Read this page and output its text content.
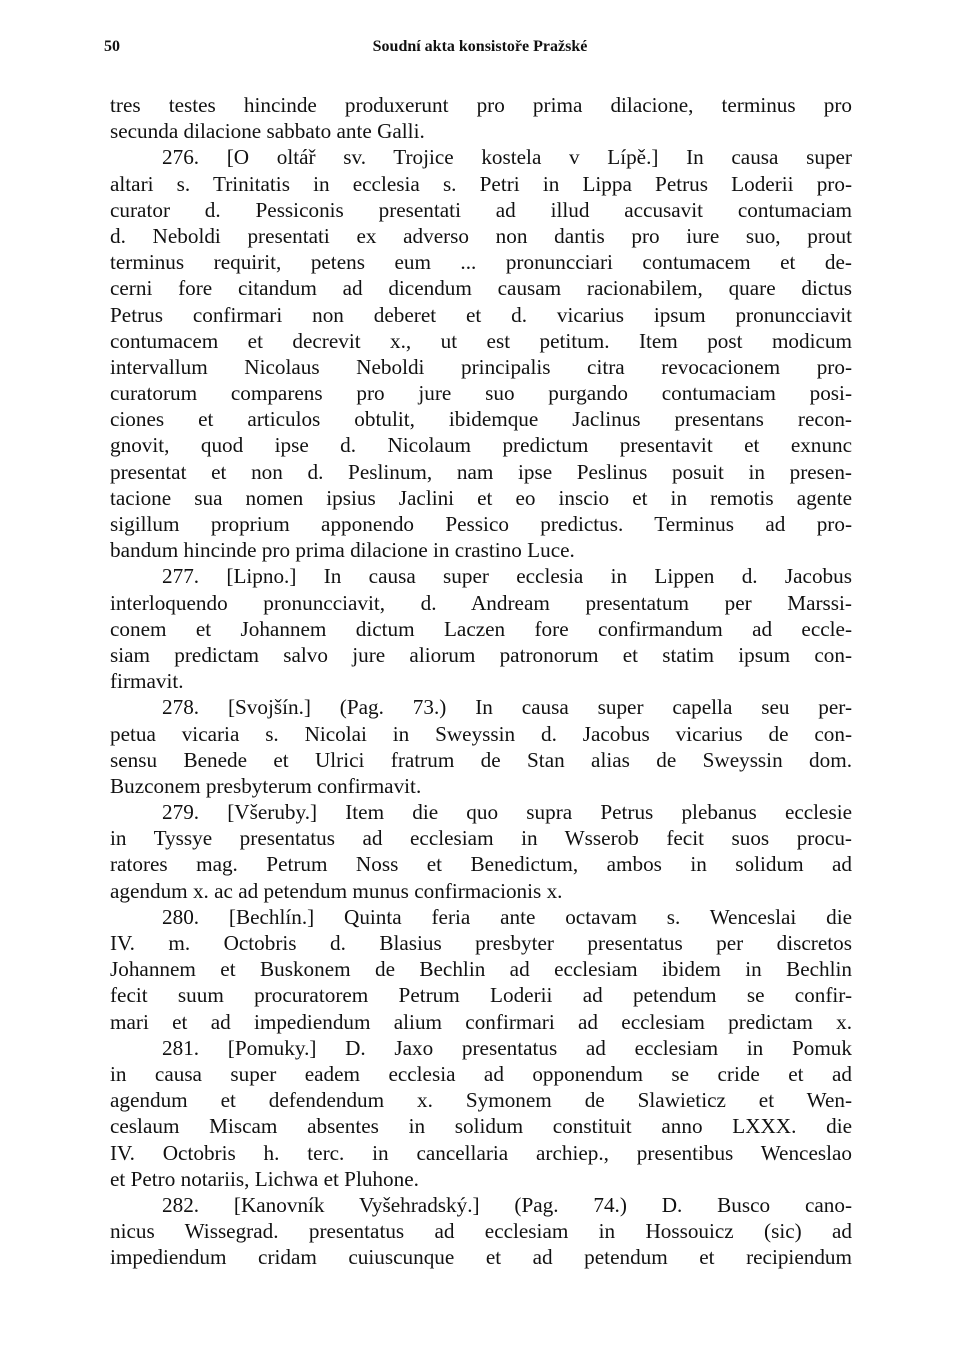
50	Soudní akta konsistoře Pražské
tres testes hincinde produxerunt pro prima dilacione, terminus pro
secunda dilacione sabbato ante Galli.
276. [O oltář sv. Trojice kostela v Lípě.] In causa super
altari s. Trinitatis in ecclesia s. Petri in Lippa Petrus Loderii pro-
curator d. Pessiconis presentati ad illud accusavit contumaciam
d. Neboldi presentati ex adverso non dantis pro iure suo, prout
terminus requirit, petens eum ... pronuncciari contumacem et de-
cerni fore citandum ad dicendum causam racionabilem, quare dictus
Petrus confirmari non deberet et d. vicarius ipsum pronuncciavit
contumacem et decrevit x., ut est petitum. Item post modicum
intervallum Nicolaus Neboldi principalis citra revocacionem pro-
curatorum comparens pro jure suo purgando contumaciam posi-
ciones et articulos obtulit, ibidemque Jaclinus presentans recon-
gnovit, quod ipse d. Nicolaum predictum presentavit et exnunc
presentat et non d. Peslinum, nam ipse Peslinus posuit in presen-
tacione sua nomen ipsius Jaclini et eo inscio et in remotis agente
sigillum proprium apponendo Pessico predictus. Terminus ad pro-
bandum hincinde pro prima dilacione in crastino Luce.
277. [Lipno.] In causa super ecclesia in Lippen d. Jacobus
interloquendo pronuncciavit, d. Andream presentatum per Marssi-
conem et Johannem dictum Laczen fore confirmandum ad eccle-
siam predictam salvo jure aliorum patronorum et statim ipsum con-
firmavit.
278. [Svojšín.] (Pag. 73.) In causa super capella seu per-
petua vicaria s. Nicolai in Sweyssin d. Jacobus vicarius de con-
sensu Benede et Ulrici fratrum de Stan alias de Sweyssin dom.
Buzconem presbyterum confirmavit.
279. [Všeruby.] Item die quo supra Petrus plebanus ecclesie
in Tyssye presentatus ad ecclesiam in Wsserob fecit suos procu-
ratores mag. Petrum Noss et Benedictum, ambos in solidum ad
agendum x. ac ad petendum munus confirmacionis x.
280. [Bechlín.] Quinta feria ante octavam s. Wenceslai die
IV. m. Octobris d. Blasius presbyter presentatus per discretos
Johannem et Buskonem de Bechlin ad ecclesiam ibidem in Bechlin
fecit suum procuratorem Petrum Loderii ad petendum se confir-
mari et ad impediendum alium confirmari ad ecclesiam predictam x.
281. [Pomuky.] D. Jaxo presentatus ad ecclesiam in Pomuk
in causa super eadem ecclesia ad opponendum se cride et ad
agendum et defendendum x. Symonem de Slawieticz et Wen-
ceslaum Miscam absentes in solidum constituit anno LXXX. die
IV. Octobris h. terc. in cancellaria archiep., presentibus Wenceslao
et Petro notariis, Lichwa et Pluhone.
282. [Kanovník Vyšehradský.] (Pag. 74.) D. Busco cano-
nicus Wissegrad. presentatus ad ecclesiam in Hossouicz (sic) ad
impediendum cridam cuiuscunque et ad petendum et recipiendum
